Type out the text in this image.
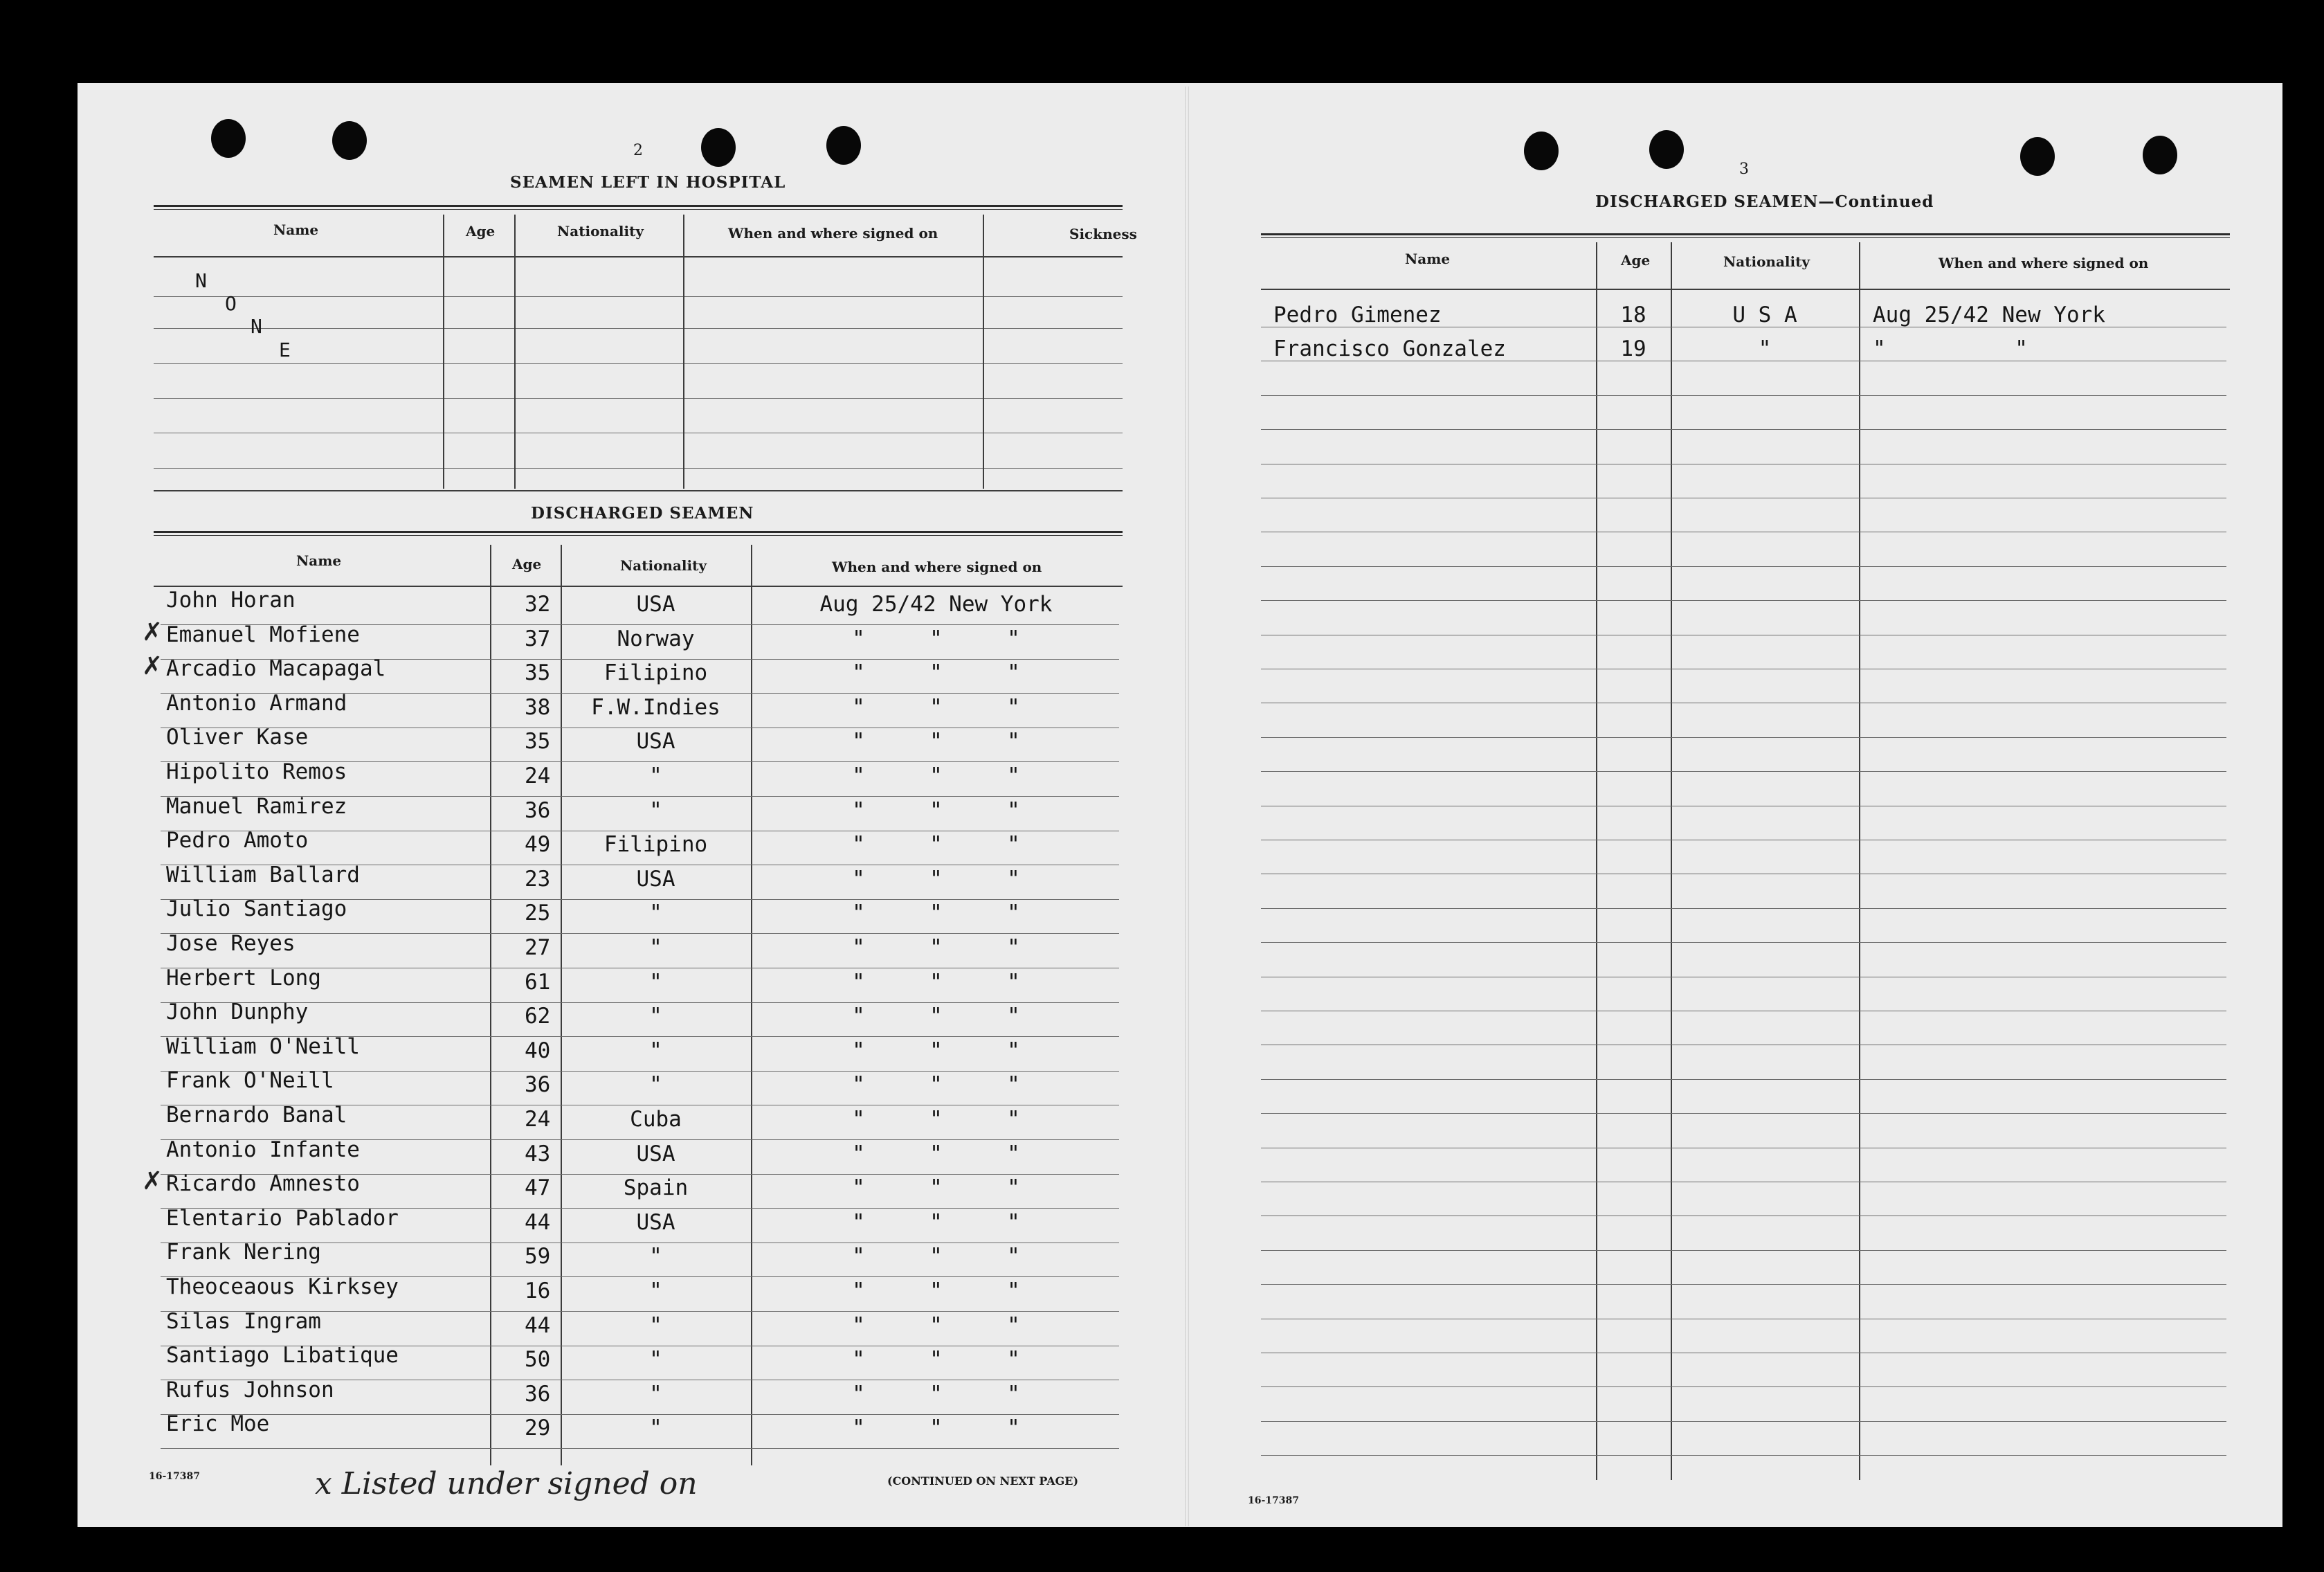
2
SEAMEN LEFT IN HOSPITAL
Name	Age	Nationality	When and where signed on	Sickness
N
O
N
E
DISCHARGED SEAMEN
Name	Age	Nationality	When and where signed on
John Horan	32	USA	Aug 25/42 New York
✗ Emanuel Mofiene	37	Norway	"     "     "
✗ Arcadio Macapagal	35	Filipino	"     "     "
Antonio Armand	38	F.W.Indies	"     "     "
Oliver Kase	35	USA	"     "     "
Hipolito Remos	24	"	"     "     "
Manuel Ramirez	36	"	"     "     "
Pedro Amoto	49	Filipino	"     "     "
William Ballard	23	USA	"     "     "
Julio Santiago	25	"	"     "     "
Jose Reyes	27	"	"     "     "
Herbert Long	61	"	"     "     "
John Dunphy	62	"	"     "     "
William O'Neill	40	"	"     "     "
Frank O'Neill	36	"	"     "     "
Bernardo Banal	24	Cuba	"     "     "
Antonio Infante	43	USA	"     "     "
✗ Ricardo Amnesto	47	Spain	"     "     "
Elentario Pablador	44	USA	"     "     "
Frank Nering	59	"	"     "     "
Theoceaous Kirksey	16	"	"     "     "
Silas Ingram	44	"	"     "     "
Santiago Libatique	50	"	"     "     "
Rufus Johnson	36	"	"     "     "
Eric Moe	29	"	"     "     "
16-17387	x Listed under signed on	(CONTINUED ON NEXT PAGE)
3
DISCHARGED SEAMEN—Continued
Name	Age	Nationality	When and where signed on
Pedro Gimenez	18	U S A	Aug 25/42 New York
Francisco Gonzalez	19	"	"          "
16-17387
